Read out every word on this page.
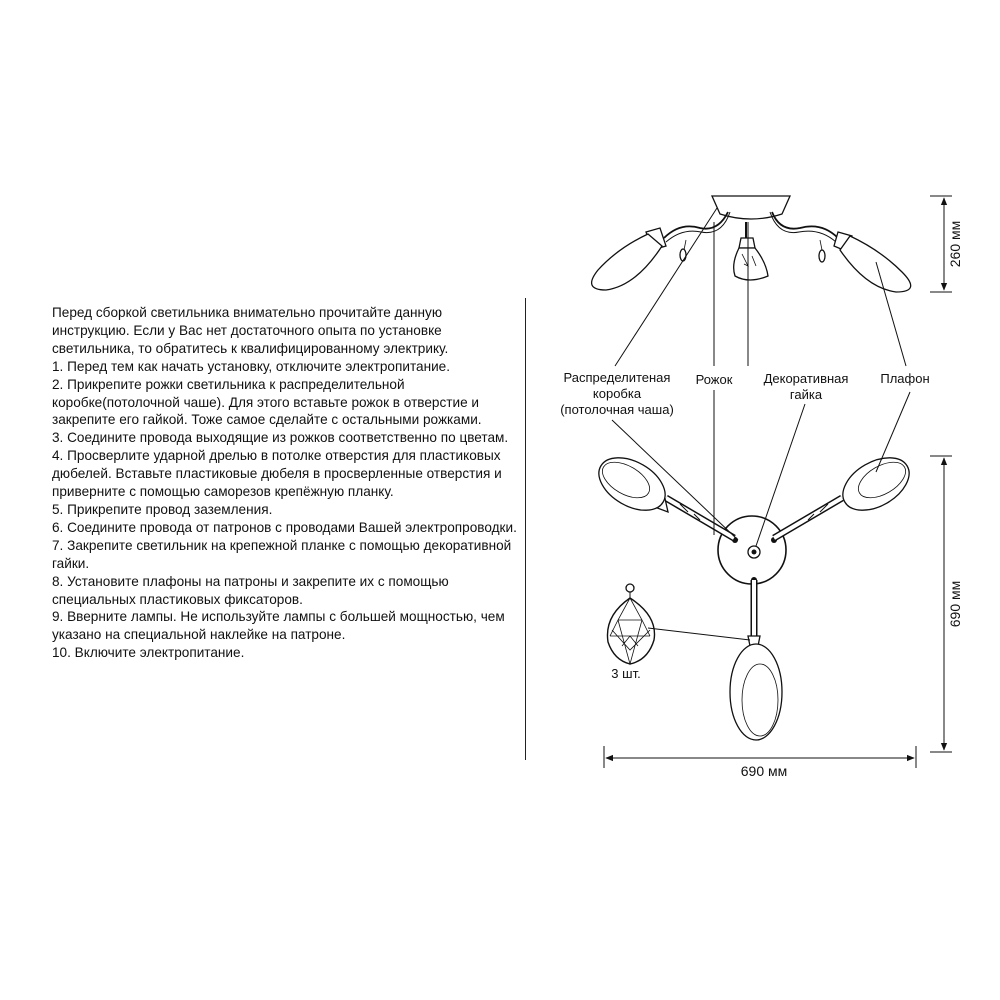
Перед сборкой светильника внимательно прочитайте данную инструкцию. Если у Вас нет достаточного опыта по установке светильника, то обратитесь к квалифицированному электрику.

1. Перед тем как начать установку, отключите электропитание.

2. Прикрепите рожки светильника к распределительной коробке(потолочной чаше). Для этого вставьте рожок в отверстие и закрепите его гайкой. Тоже самое сделайте с остальными рожками.

3. Соедините провода выходящие из рожков соответственно по цветам.

4. Просверлите ударной дрелью в потолке отверстия для пластиковых дюбелей. Вставьте пластиковые дюбеля в просверленные отверстия и приверните с помощью саморезов крепёжную планку.

5. Прикрепите провод заземления.

6. Соедините провода от патронов с проводами Вашей электропроводки.

7. Закрепите светильник на крепежной планке с помощью декоративной гайки.

8. Установите плафоны на патроны и закрепите их с помощью специальных пластиковых фиксаторов.

9. Вверните лампы. Не используйте лампы с большей мощностью, чем указано на специальной наклейке на патроне.

10. Включите электропитание.

Распределитеная
коробка
(потолочная чаша)
Рожок Декоративная
гайка
Плафон
3 шт.
260 мм
690 мм
690 мм
